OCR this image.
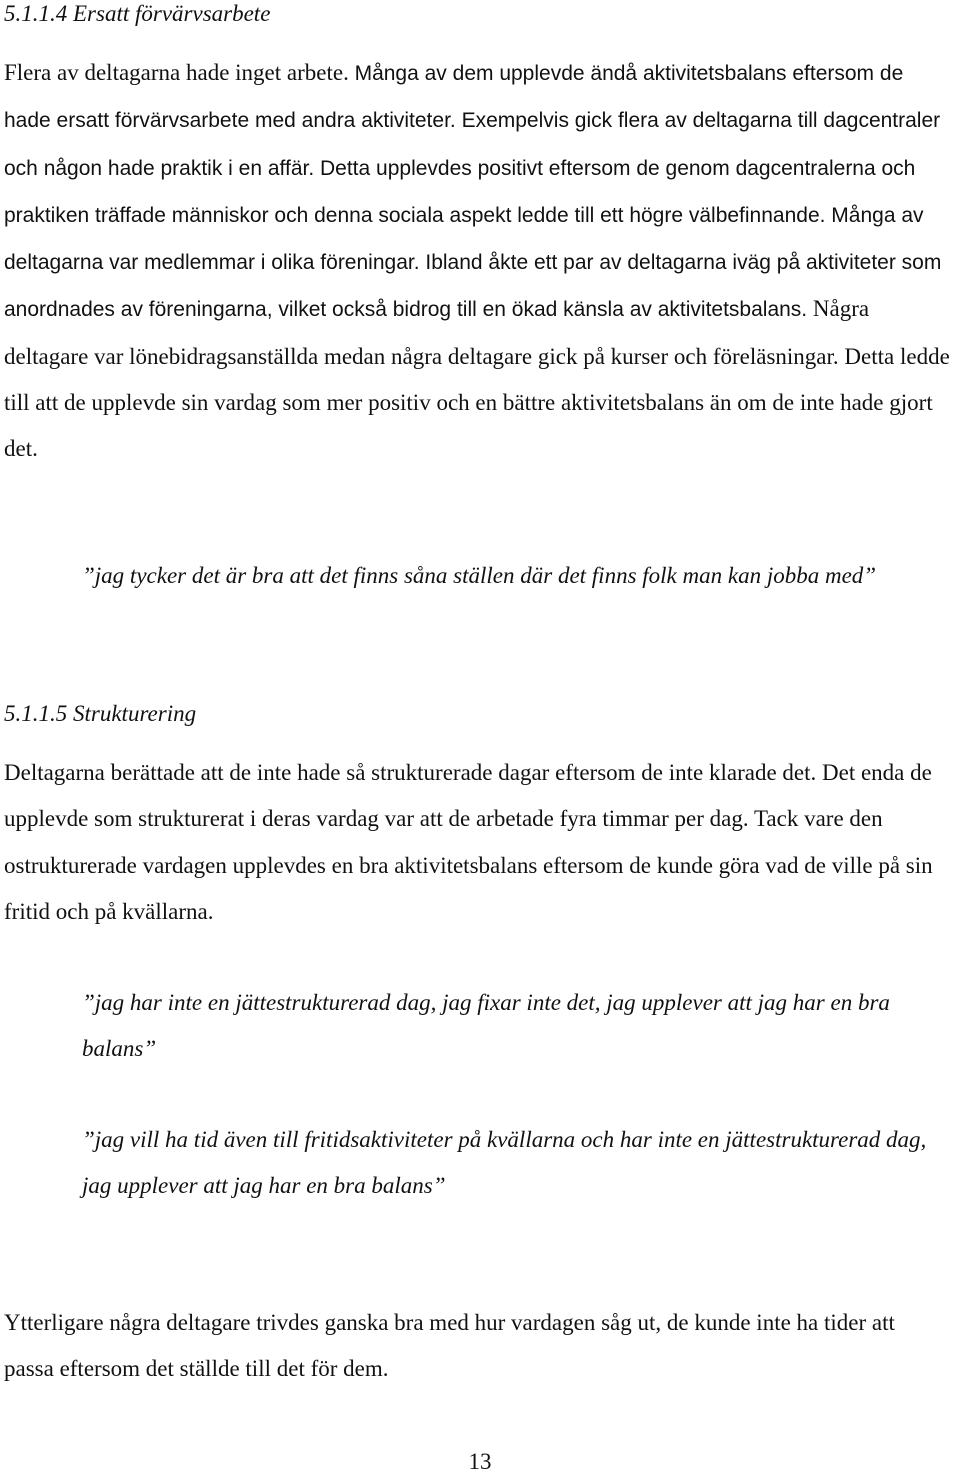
5.1.1.4 Ersatt förvärvsarbete

Flera av deltagarna hade inget arbete. Många av dem upplevde ändå aktivitetsbalans eftersom de hade ersatt förvärvsarbete med andra aktiviteter. Exempelvis gick flera av deltagarna till dagcentraler och någon hade praktik i en affär. Detta upplevdes positivt eftersom de genom dagcentralerna och praktiken träffade människor och denna sociala aspekt ledde till ett högre välbefinnande. Många av deltagarna var medlemmar i olika föreningar. Ibland åkte ett par av deltagarna iväg på aktiviteter som anordnades av föreningarna, vilket också bidrog till en ökad känsla av aktivitetsbalans. Några deltagare var lönebidragsanställda medan några deltagare gick på kurser och föreläsningar. Detta ledde till att de upplevde sin vardag som mer positiv och en bättre aktivitetsbalans än om de inte hade gjort det.

”jag tycker det är bra att det finns såna ställen där det finns folk man kan jobba med”

5.1.1.5 Strukturering

Deltagarna berättade att de inte hade så strukturerade dagar eftersom de inte klarade det. Det enda de upplevde som strukturerat i deras vardag var att de arbetade fyra timmar per dag. Tack vare den ostrukturerade vardagen upplevdes en bra aktivitetsbalans eftersom de kunde göra vad de ville på sin fritid och på kvällarna.

”jag har inte en jättestrukturerad dag, jag fixar inte det, jag upplever att jag har en bra balans”

”jag vill ha tid även till fritidsaktiviteter på kvällarna och har inte en jättestrukturerad dag, jag upplever att jag har en bra balans”

Ytterligare några deltagare trivdes ganska bra med hur vardagen såg ut, de kunde inte ha tider att passa eftersom det ställde till det för dem.

13
